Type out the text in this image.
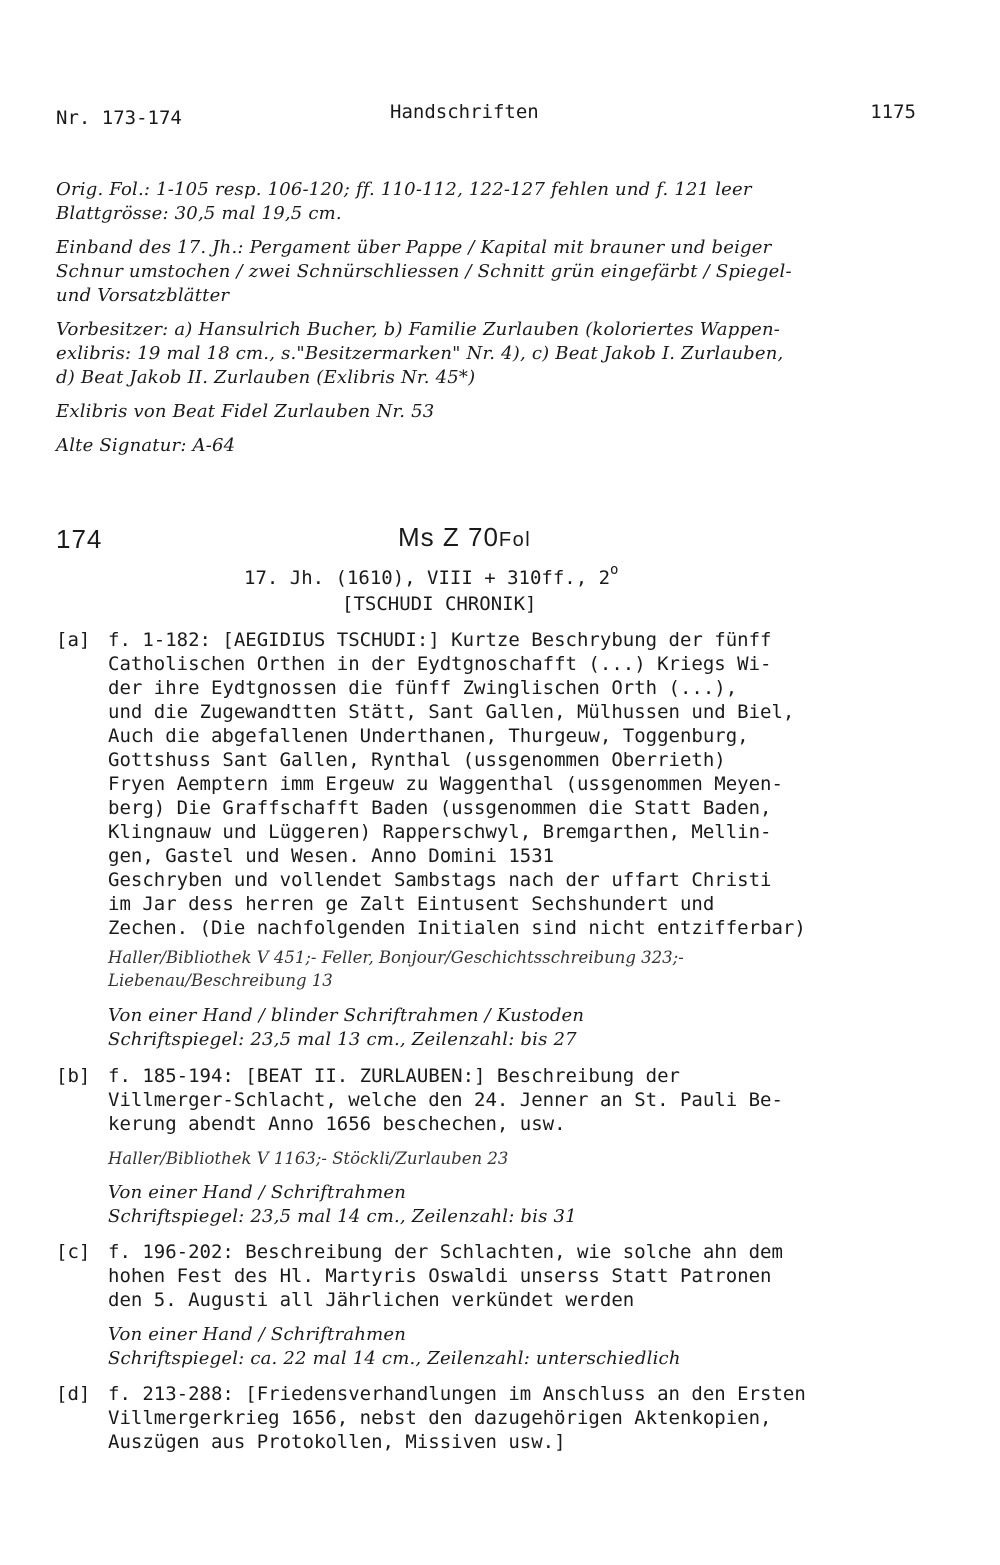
Nr. 173-174	Handschriften	1175
Orig. Fol.: 1-105 resp. 106-120; ff. 110-112, 122-127 fehlen und f. 121 leer
Blattgrösse: 30,5 mal 19,5 cm.
Einband des 17. Jh.: Pergament über Pappe / Kapital mit brauner und beiger
Schnur umstochen / zwei Schnürschliessen / Schnitt grün eingefärbt / Spiegel-
und Vorsatzblätter
Vorbesitzer: a) Hansulrich Bucher, b) Familie Zurlauben (koloriertes Wappen-
exlibris: 19 mal 18 cm., s."Besitzermarken" Nr. 4), c) Beat Jakob I. Zurlauben,
d) Beat Jakob II. Zurlauben (Exlibris Nr. 45*)
Exlibris von Beat Fidel Zurlauben Nr. 53
Alte Signatur: A-64
174	Ms Z 70Fol
17. Jh. (1610), VIII + 310ff., 2$^o$
[TSCHUDI CHRONIK]
[a] f. 1-182: [AEGIDIUS TSCHUDI:] Kurtze Beschrybung der fünff
Catholischen Orthen in der Eydtgnoschafft (...) Kriegs Wi-
der ihre Eydtgnossen die fünff Zwinglischen Orth (...),
und die Zugewandtten Stätt, Sant Gallen, Mülhussen und Biel,
Auch die abgefallenen Underthanen, Thurgeuw, Toggenburg,
Gottshuss Sant Gallen, Rynthal (ussgenommen Oberrieth)
Fryen Aemptern imm Ergeuw zu Waggenthal (ussgenommen Meyen-
berg) Die Graffschafft Baden (ussgenommen die Statt Baden,
Klingnauw und Lüggeren) Rapperschwyl, Bremgarthen, Mellin-
gen, Gastel und Wesen. Anno Domini 1531
Geschryben und vollendet Sambstags nach der uffart Christi
im Jar dess herren ge Zalt Eintusent Sechshundert und
Zechen. (Die nachfolgenden Initialen sind nicht entzifferbar)
Haller/Bibliothek V 451;- Feller, Bonjour/Geschichtsschreibung 323;-
Liebenau/Beschreibung 13
Von einer Hand / blinder Schriftrahmen / Kustoden
Schriftspiegel: 23,5 mal 13 cm., Zeilenzahl: bis 27
[b] f. 185-194: [BEAT II. ZURLAUBEN:] Beschreibung der
Villmerger-Schlacht, welche den 24. Jenner an St. Pauli Be-
kerung abendt Anno 1656 beschechen, usw.
Haller/Bibliothek V 1163;- Stöckli/Zurlauben 23
Von einer Hand / Schriftrahmen
Schriftspiegel: 23,5 mal 14 cm., Zeilenzahl: bis 31
[c] f. 196-202: Beschreibung der Schlachten, wie solche ahn dem
hohen Fest des Hl. Martyris Oswaldi unserss Statt Patronen
den 5. Augusti all Jährlichen verkündet werden
Von einer Hand / Schriftrahmen
Schriftspiegel: ca. 22 mal 14 cm., Zeilenzahl: unterschiedlich
[d] f. 213-288: [Friedensverhandlungen im Anschluss an den Ersten
Villmergerkrieg 1656, nebst den dazugehörigen Aktenkopien,
Auszügen aus Protokollen, Missiven usw.]
